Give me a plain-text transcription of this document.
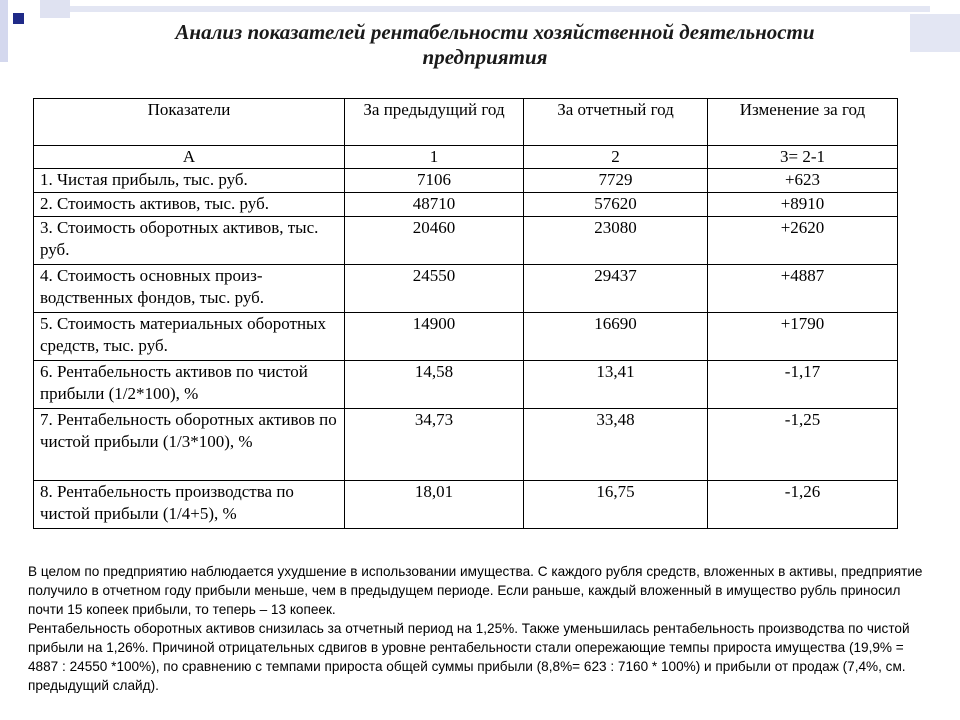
Анализ показателей рентабельности хозяйственной деятельности
предприятия
Показатели	За предыдущий год	За отчетный год	Изменение за год
А	1	2	3= 2-1
1. Чистая прибыль, тыс. руб.	7106	7729	+623
2. Стоимость активов, тыс. руб.	48710	57620	+8910
3. Стоимость оборотных активов, тыс. руб.	20460	23080	+2620
4. Стоимость основных произ-водственных фондов, тыс. руб.	24550	29437	+4887
5. Стоимость материальных оборотных средств, тыс. руб.	14900	16690	+1790
6. Рентабельность активов по чистой прибыли (1/2*100), %	14,58	13,41	-1,17
7. Рентабельность оборотных активов по чистой прибыли (1/3*100), %	34,73	33,48	-1,25
8. Рентабельность производства по чистой прибыли (1/4+5), %	18,01	16,75	-1,26

В целом по предприятию наблюдается ухудшение в использовании имущества. С каждого рубля средств, вложенных в активы, предприятие получило в отчетном году прибыли меньше, чем в предыдущем периоде. Если раньше, каждый вложенный в имущество рубль приносил почти 15 копеек прибыли, то теперь – 13 копеек.

Рентабельность оборотных активов снизилась за отчетный период на 1,25%. Также уменьшилась рентабельность производства по чистой прибыли на 1,26%. Причиной отрицательных сдвигов в уровне рентабельности стали опережающие темпы прироста имущества (19,9% = 4887 : 24550 *100%), по сравнению с темпами прироста общей суммы прибыли (8,8%= 623 : 7160 * 100%) и прибыли от продаж (7,4%, см. предыдущий слайд).
